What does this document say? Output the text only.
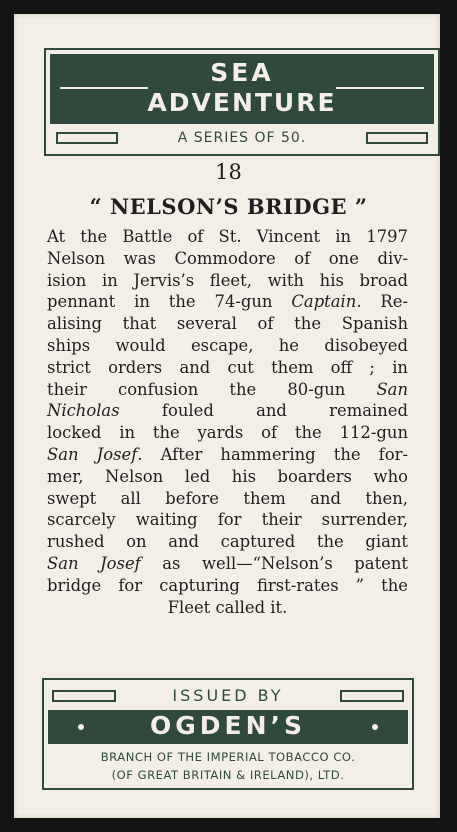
SEA
ADVENTURE
A SERIES OF 50.
18
“ NELSON’S BRIDGE ”
At the Battle of St. Vincent in 1797
Nelson was Commodore of one div-
ision in Jervis’s fleet, with his broad
pennant in the 74-gun Captain. Re-
alising that several of the Spanish
ships would escape, he disobeyed
strict orders and cut them off ; in
their confusion the 80-gun San
Nicholas fouled and remained
locked in the yards of the 112-gun
San Josef. After hammering the for-
mer, Nelson led his boarders who
swept all before them and then,
scarcely waiting for their surrender,
rushed on and captured the giant
San Josef as well—“Nelson’s patent
bridge for capturing first-rates ” the
Fleet called it.
ISSUED BY
OGDEN’S
BRANCH OF THE IMPERIAL TOBACCO CO.
(OF GREAT BRITAIN & IRELAND), LTD.
